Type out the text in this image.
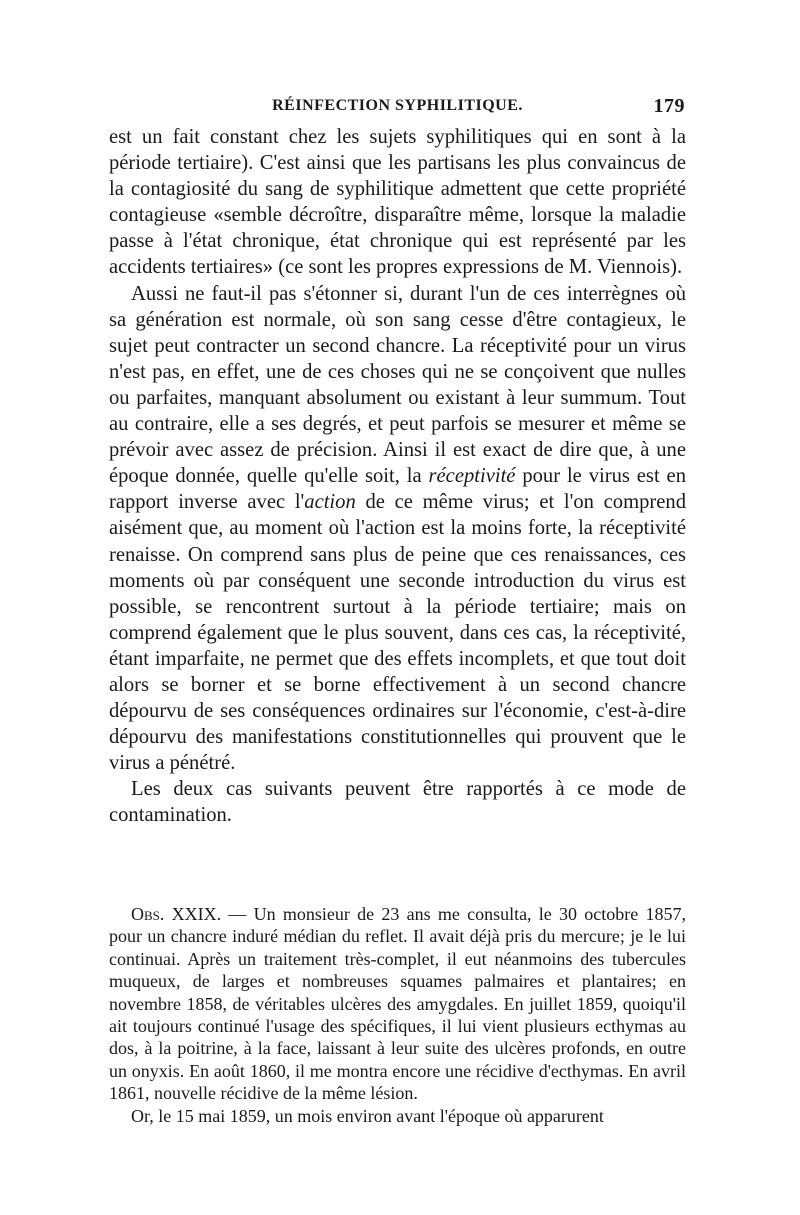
RÉINFECTION SYPHILITIQUE.	179

est un fait constant chez les sujets syphilitiques qui en sont à la période tertiaire). C'est ainsi que les partisans les plus convaincus de la contagiosité du sang de syphilitique admettent que cette propriété contagieuse «semble décroître, disparaître même, lorsque la maladie passe à l'état chronique, état chronique qui est représenté par les accidents tertiaires» (ce sont les propres expressions de M. Viennois).

Aussi ne faut-il pas s'étonner si, durant l'un de ces interrègnes où sa génération est normale, où son sang cesse d'être contagieux, le sujet peut contracter un second chancre. La réceptivité pour un virus n'est pas, en effet, une de ces choses qui ne se conçoivent que nulles ou parfaites, manquant absolument ou existant à leur summum. Tout au contraire, elle a ses degrés, et peut parfois se mesurer et même se prévoir avec assez de précision. Ainsi il est exact de dire que, à une époque donnée, quelle qu'elle soit, la réceptivité pour le virus est en rapport inverse avec l'action de ce même virus; et l'on comprend aisément que, au moment où l'action est la moins forte, la réceptivité renaisse. On comprend sans plus de peine que ces renaissances, ces moments où par conséquent une seconde introduction du virus est possible, se rencontrent surtout à la période tertiaire; mais on comprend également que le plus souvent, dans ces cas, la réceptivité, étant imparfaite, ne permet que des effets incomplets, et que tout doit alors se borner et se borne effectivement à un second chancre dépourvu de ses conséquences ordinaires sur l'économie, c'est-à-dire dépourvu des manifestations constitutionnelles qui prouvent que le virus a pénétré.

Les deux cas suivants peuvent être rapportés à ce mode de contamination.

Obs. XXIX. — Un monsieur de 23 ans me consulta, le 30 octobre 1857, pour un chancre induré médian du reflet. Il avait déjà pris du mercure; je le lui continuai. Après un traitement très-complet, il eut néanmoins des tubercules muqueux, de larges et nombreuses squames palmaires et plantaires; en novembre 1858, de véritables ulcères des amygdales. En juillet 1859, quoiqu'il ait toujours continué l'usage des spécifiques, il lui vient plusieurs ecthymas au dos, à la poitrine, à la face, laissant à leur suite des ulcères profonds, en outre un onyxis. En août 1860, il me montra encore une récidive d'ecthymas. En avril 1861, nouvelle récidive de la même lésion.

Or, le 15 mai 1859, un mois environ avant l'époque où apparurent
